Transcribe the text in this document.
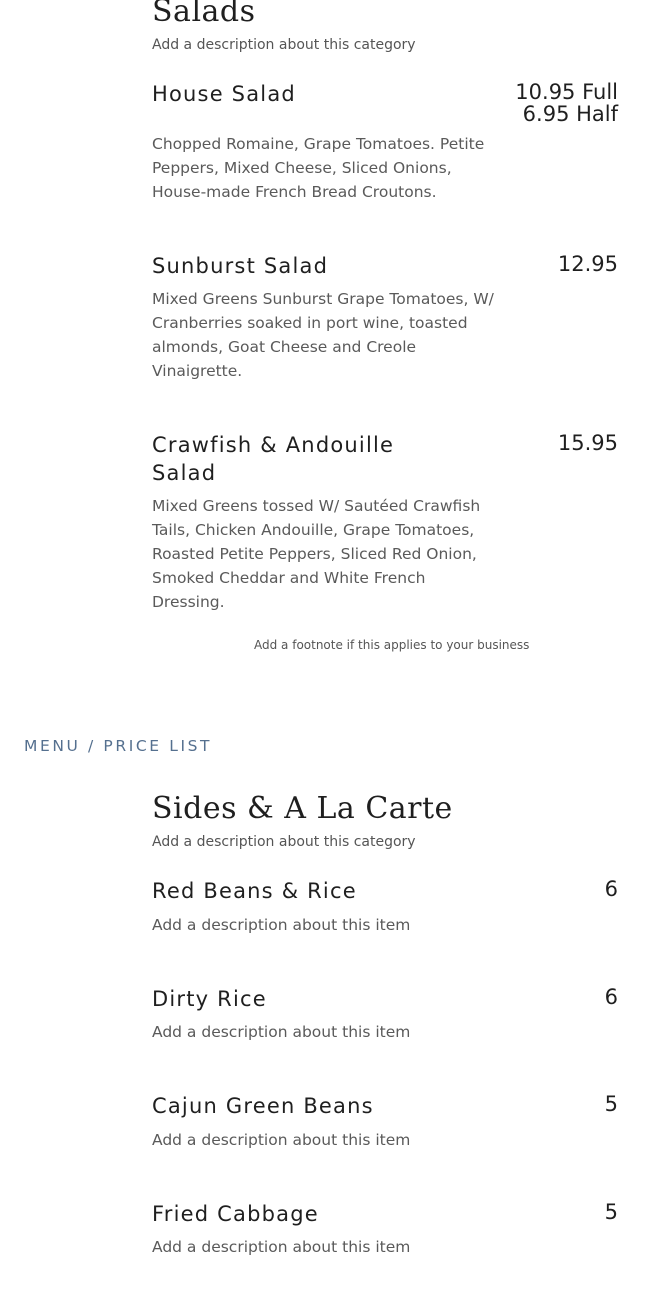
Salads
Add a description about this category
House Salad
Chopped Romaine, Grape Tomatoes. Petite Peppers, Mixed Cheese, Sliced Onions, House-made French Bread Croutons.
10.95 Full
6.95 Half
Sunburst Salad
Mixed Greens Sunburst Grape Tomatoes, W/ Cranberries soaked in port wine, toasted almonds, Goat Cheese and Creole Vinaigrette.
12.95
Crawfish & Andouille Salad
Mixed Greens tossed W/ Sautéed Crawfish Tails, Chicken Andouille, Grape Tomatoes, Roasted Petite Peppers, Sliced Red Onion, Smoked Cheddar and White French Dressing.
15.95
Add a footnote if this applies to your business
MENU / PRICE LIST
Sides & A La Carte
Add a description about this category
Red Beans & Rice
Add a description about this item
6
Dirty Rice
Add a description about this item
6
Cajun Green Beans
Add a description about this item
5
Fried Cabbage
Add a description about this item
5
